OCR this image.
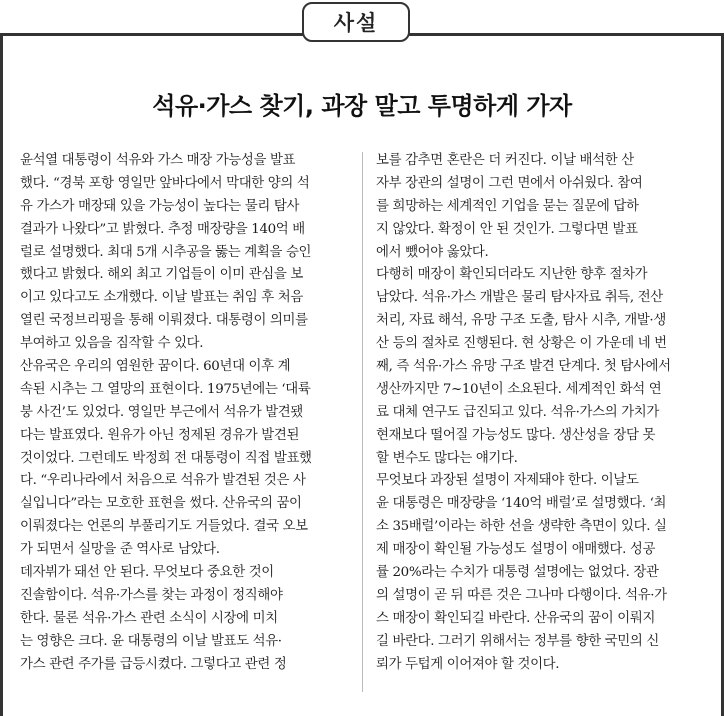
사설
석유·가스 찾기, 과장 말고 투명하게 가자
윤석열 대통령이 석유와 가스 매장 가능성을 발표
했다. “경북 포항 영일만 앞바다에서 막대한 양의 석
유 가스가 매장돼 있을 가능성이 높다는 물리 탐사
결과가 나왔다”고 밝혔다. 추정 매장량을 140억 배
럴로 설명했다. 최대 5개 시추공을 뚫는 계획을 승인
했다고 밝혔다. 해외 최고 기업들이 이미 관심을 보
이고 있다고도 소개했다. 이날 발표는 취임 후 처음
열린 국정브리핑을 통해 이뤄졌다. 대통령이 의미를
부여하고 있음을 짐작할 수 있다.
산유국은 우리의 염원한 꿈이다. 60년대 이후 계
속된 시추는 그 열망의 표현이다. 1975년에는 ‘대륙
붕 사건’도 있었다. 영일만 부근에서 석유가 발견됐
다는 발표였다. 원유가 아닌 정제된 경유가 발견된
것이었다. 그런데도 박정희 전 대통령이 직접 발표했
다. “우리나라에서 처음으로 석유가 발견된 것은 사
실입니다”라는 모호한 표현을 썼다. 산유국의 꿈이
이뤄졌다는 언론의 부풀리기도 거들었다. 결국 오보
가 되면서 실망을 준 역사로 남았다.
데자뷔가 돼선 안 된다. 무엇보다 중요한 것이
진솔함이다. 석유·가스를 찾는 과정이 정직해야
한다. 물론 석유·가스 관련 소식이 시장에 미치
는 영향은 크다. 윤 대통령의 이날 발표도 석유·
가스 관련 주가를 급등시켰다. 그렇다고 관련 정
보를 감추면 혼란은 더 커진다. 이날 배석한 산
자부 장관의 설명이 그런 면에서 아쉬웠다. 참여
를 희망하는 세계적인 기업을 묻는 질문에 답하
지 않았다. 확정이 안 된 것인가. 그렇다면 발표
에서 뺐어야 옳았다.
다행히 매장이 확인되더라도 지난한 향후 절차가
남았다. 석유·가스 개발은 물리 탐사자료 취득, 전산
처리, 자료 해석, 유망 구조 도출, 탐사 시추, 개발·생
산 등의 절차로 진행된다. 현 상황은 이 가운데 네 번
째, 즉 석유·가스 유망 구조 발견 단계다. 첫 탐사에서
생산까지만 7~10년이 소요된다. 세계적인 화석 연
료 대체 연구도 급진되고 있다. 석유·가스의 가치가
현재보다 떨어질 가능성도 많다. 생산성을 장담 못
할 변수도 많다는 얘기다.
무엇보다 과장된 설명이 자제돼야 한다. 이날도
윤 대통령은 매장량을 ‘140억 배럴’로 설명했다. ‘최
소 35배럴’이라는 하한 선을 생략한 측면이 있다. 실
제 매장이 확인될 가능성도 설명이 애매했다. 성공
률 20%라는 수치가 대통령 설명에는 없었다. 장관
의 설명이 곧 뒤 따른 것은 그나마 다행이다. 석유·가
스 매장이 확인되길 바란다. 산유국의 꿈이 이뤄지
길 바란다. 그러기 위해서는 정부를 향한 국민의 신
뢰가 두텁게 이어져야 할 것이다.
